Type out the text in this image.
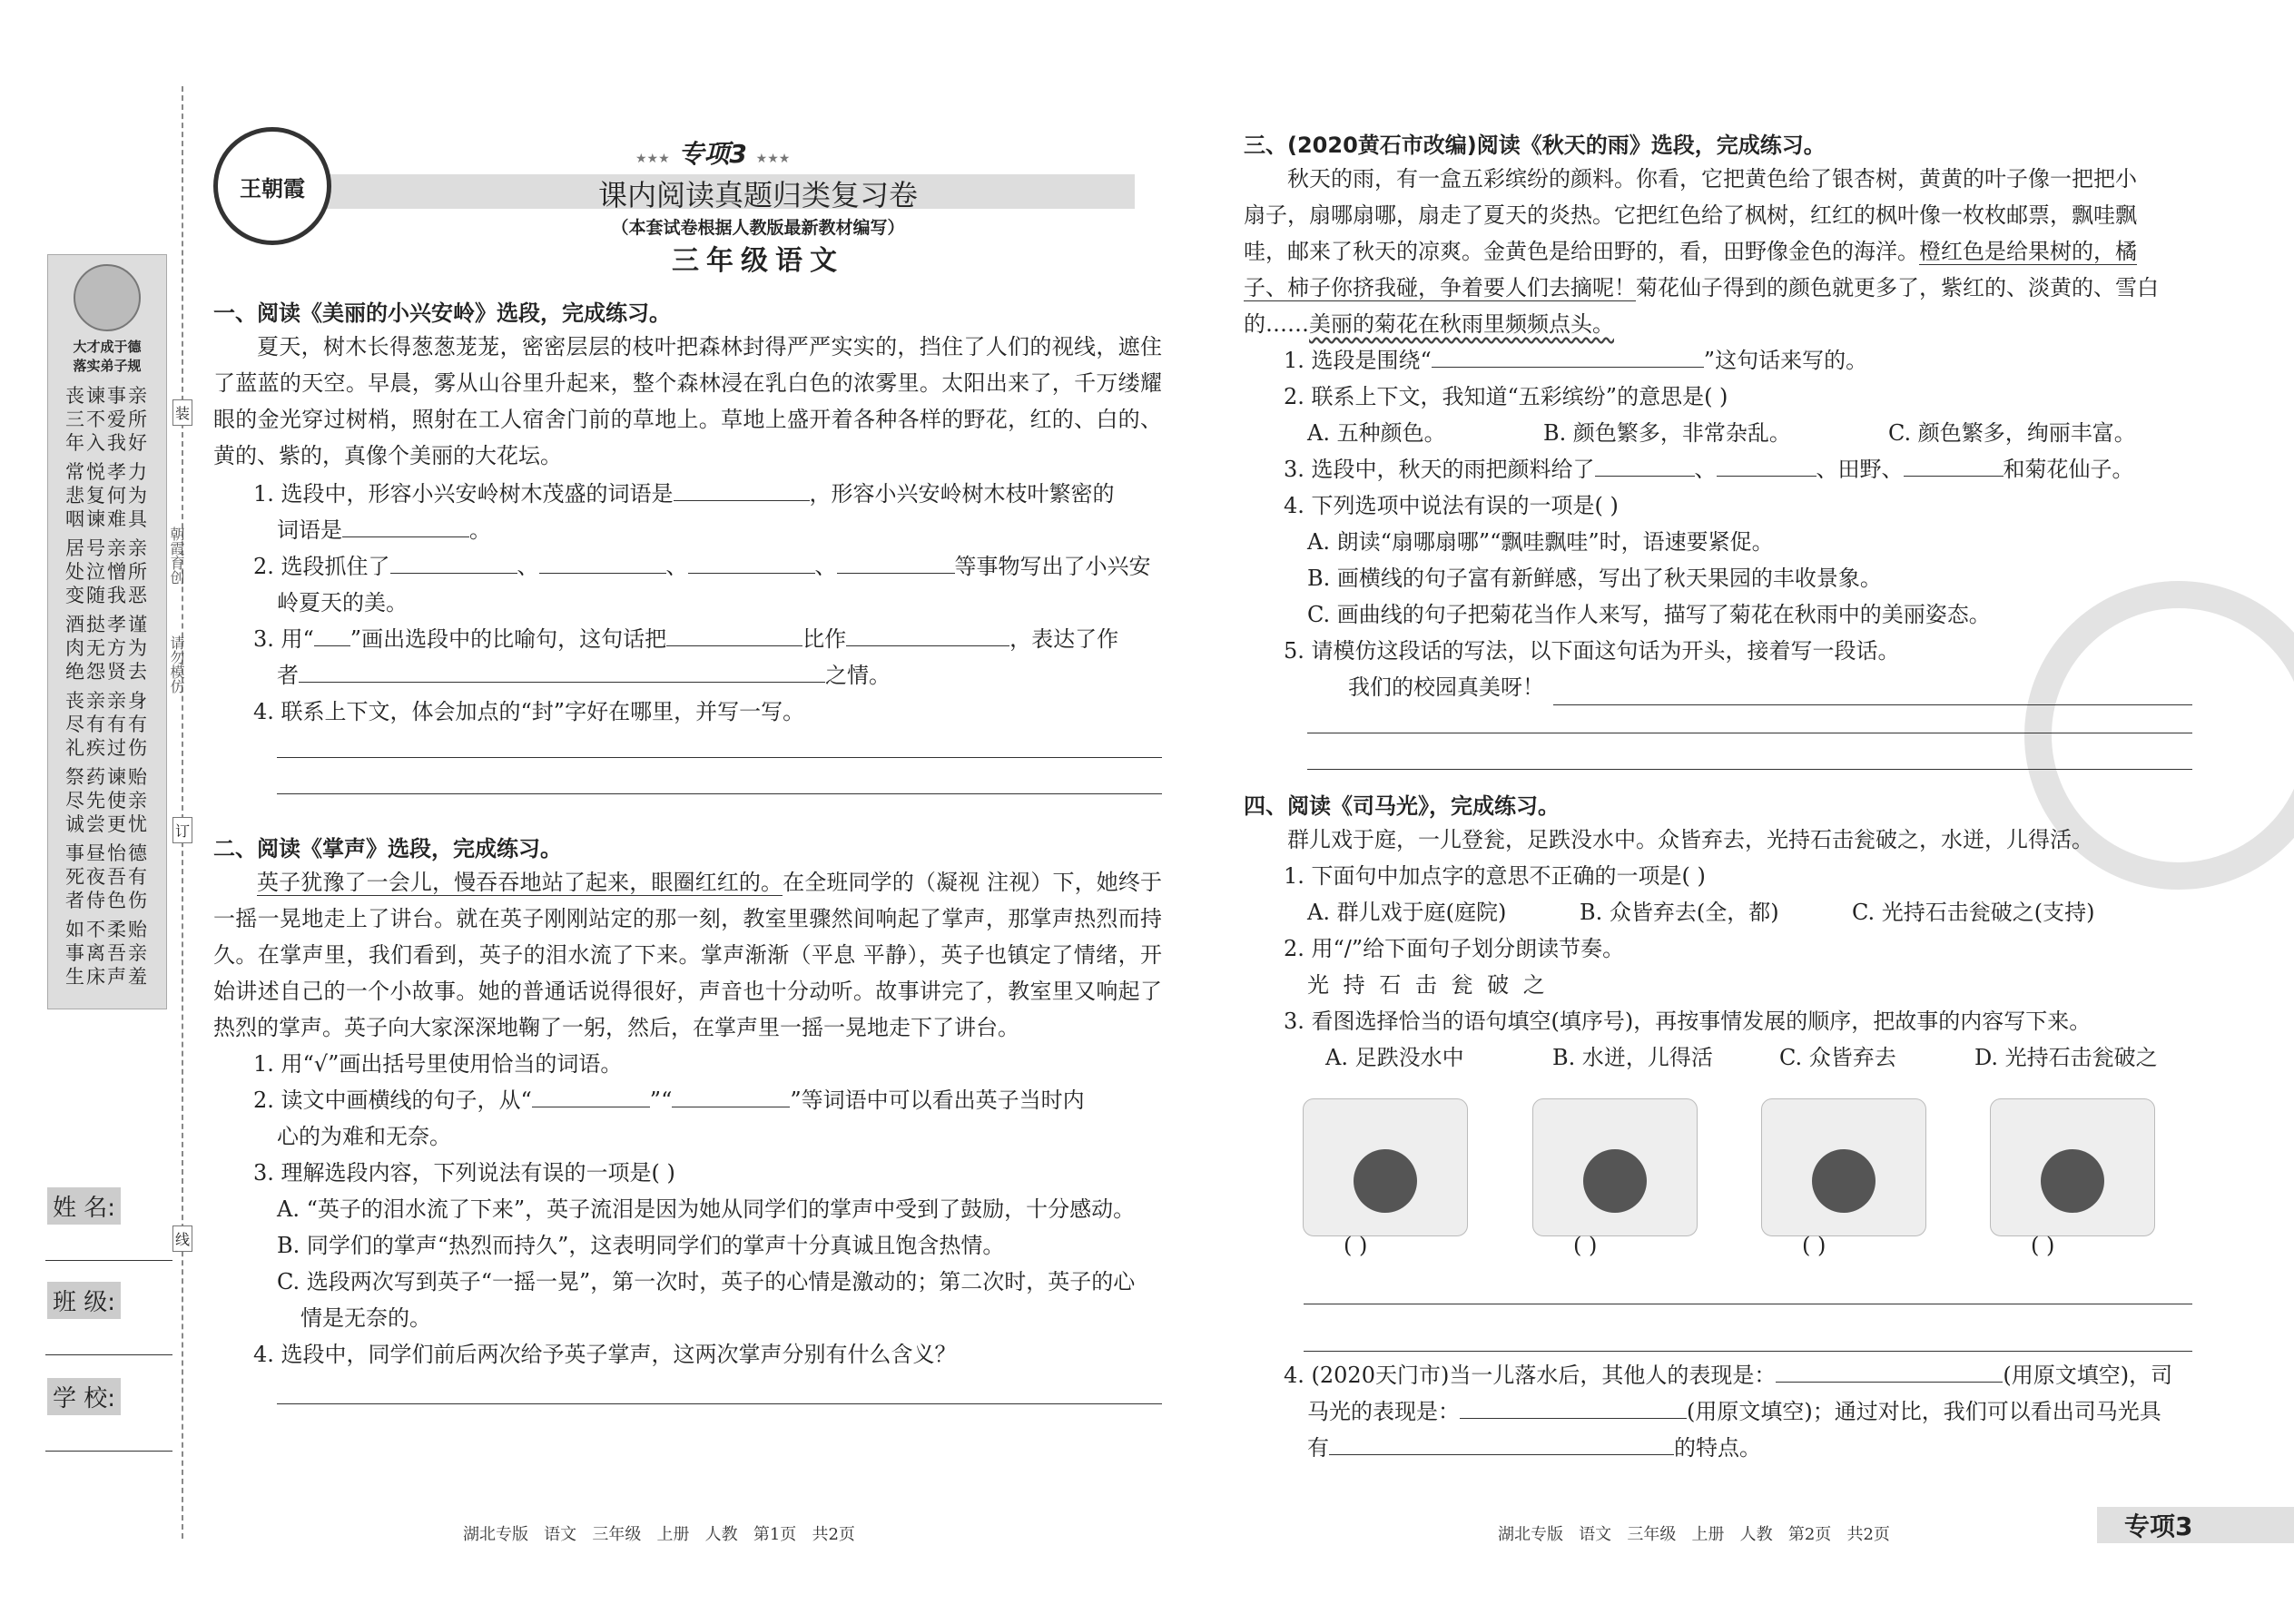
大才成于德
落实弟子规
丧谏事亲
三不爱所
年入我好
常悦孝力
悲复何为
咽谏难具
居号亲亲
处泣憎所
变随我恶
酒挞孝谨
肉无方为
绝怨贤去
丧亲亲身
尽有有有
礼疾过伤
祭药谏贻
尽先使亲
诚尝更忧
事昼怡德
死夜吾有
者侍色伤
如不柔贻
事离吾亲
生床声羞
朝霞育创
请勿模仿
装
订
线
姓 名:
班 级:
学 校:
王朝霞
★★★ 专项3 ★★★
课内阅读真题归类复习卷
（本套试卷根据人教版最新教材编写）
三年级语文
一、阅读《美丽的小兴安岭》选段，完成练习。
夏天，树木长得葱葱茏茏，密密层层的枝叶把森林封得严严实实的，挡住了人们的视线，遮住了蓝蓝的天空。早晨，雾从山谷里升起来，整个森林浸在乳白色的浓雾里。太阳出来了，千万缕耀眼的金光穿过树梢，照射在工人宿舍门前的草地上。草地上盛开着各种各样的野花，红的、白的、黄的、紫的，真像个美丽的大花坛。
1. 选段中，形容小兴安岭树木茂盛的词语是	，形容小兴安岭树木枝叶繁密的
词语是	。
2. 选段抓住了	、	、	、	等事物写出了小兴安
岭夏天的美。
3. 用“ ”画出选段中的比喻句，这句话把	比作	，表达了作
者	之情。
4. 联系上下文，体会加点的“封”字好在哪里，并写一写。
二、阅读《掌声》选段，完成练习。
英子犹豫了一会儿，慢吞吞地站了起来，眼圈红红的。在全班同学的（凝视 注视）下，她终于一摇一晃地走上了讲台。就在英子刚刚站定的那一刻，教室里骤然间响起了掌声，那掌声热烈而持久。在掌声里，我们看到，英子的泪水流了下来。掌声渐渐（平息 平静），英子也镇定了情绪，开始讲述自己的一个小故事。她的普通话说得很好，声音也十分动听。故事讲完了，教室里又响起了热烈的掌声。英子向大家深深地鞠了一躬，然后，在掌声里一摇一晃地走下了讲台。
1. 用“√”画出括号里使用恰当的词语。
2. 读文中画横线的句子，从“	”“	”等词语中可以看出英子当时内
心的为难和无奈。
3. 理解选段内容，下列说法有误的一项是( )
A. “英子的泪水流了下来”，英子流泪是因为她从同学们的掌声中受到了鼓励，十分感动。
B. 同学们的掌声“热烈而持久”，这表明同学们的掌声十分真诚且饱含热情。
C. 选段两次写到英子“一摇一晃”，第一次时，英子的心情是激动的；第二次时，英子的心
情是无奈的。
4. 选段中，同学们前后两次给予英子掌声，这两次掌声分别有什么含义？
湖北专版   语文   三年级   上册   人教   第1页   共2页
三、(2020黄石市改编)阅读《秋天的雨》选段，完成练习。
秋天的雨，有一盒五彩缤纷的颜料。你看，它把黄色给了银杏树，黄黄的叶子像一把把小
扇子，扇哪扇哪，扇走了夏天的炎热。它把红色给了枫树，红红的枫叶像一枚枚邮票，飘哇飘
哇，邮来了秋天的凉爽。金黄色是给田野的，看，田野像金色的海洋。橙红色是给果树的，橘
子、柿子你挤我碰，争着要人们去摘呢！菊花仙子得到的颜色就更多了，紫红的、淡黄的、雪白
的……美丽的菊花在秋雨里频频点头。
1. 选段是围绕“	”这句话来写的。
2. 联系上下文，我知道“五彩缤纷”的意思是( )
A. 五种颜色。	B. 颜色繁多，非常杂乱。	C. 颜色繁多，绚丽丰富。
3. 选段中，秋天的雨把颜料给了	、	、田野、	和菊花仙子。
4. 下列选项中说法有误的一项是( )
A. 朗读“扇哪扇哪”“飘哇飘哇”时，语速要紧促。
B. 画横线的句子富有新鲜感，写出了秋天果园的丰收景象。
C. 画曲线的句子把菊花当作人来写，描写了菊花在秋雨中的美丽姿态。
5. 请模仿这段话的写法，以下面这句话为开头，接着写一段话。
我们的校园真美呀！
四、阅读《司马光》，完成练习。
群儿戏于庭，一儿登瓮，足跌没水中。众皆弃去，光持石击瓮破之，水迸，儿得活。
1. 下面句中加点字的意思不正确的一项是( )
A. 群儿戏于庭(庭院)	B. 众皆弃去(全，都)	C. 光持石击瓮破之(支持)
2. 用“/”给下面句子划分朗读节奏。
光 持 石 击 瓮 破 之
3. 看图选择恰当的语句填空(填序号)，再按事情发展的顺序，把故事的内容写下来。
A. 足跌没水中	B. 水迸，儿得活	C. 众皆弃去	D. 光持石击瓮破之
( )	( )	( )	( )
4. (2020天门市)当一儿落水后，其他人的表现是：	(用原文填空)，司
马光的表现是：	(用原文填空)；通过对比，我们可以看出司马光具
有	的特点。
湖北专版   语文   三年级   上册   人教   第2页   共2页	专项3
